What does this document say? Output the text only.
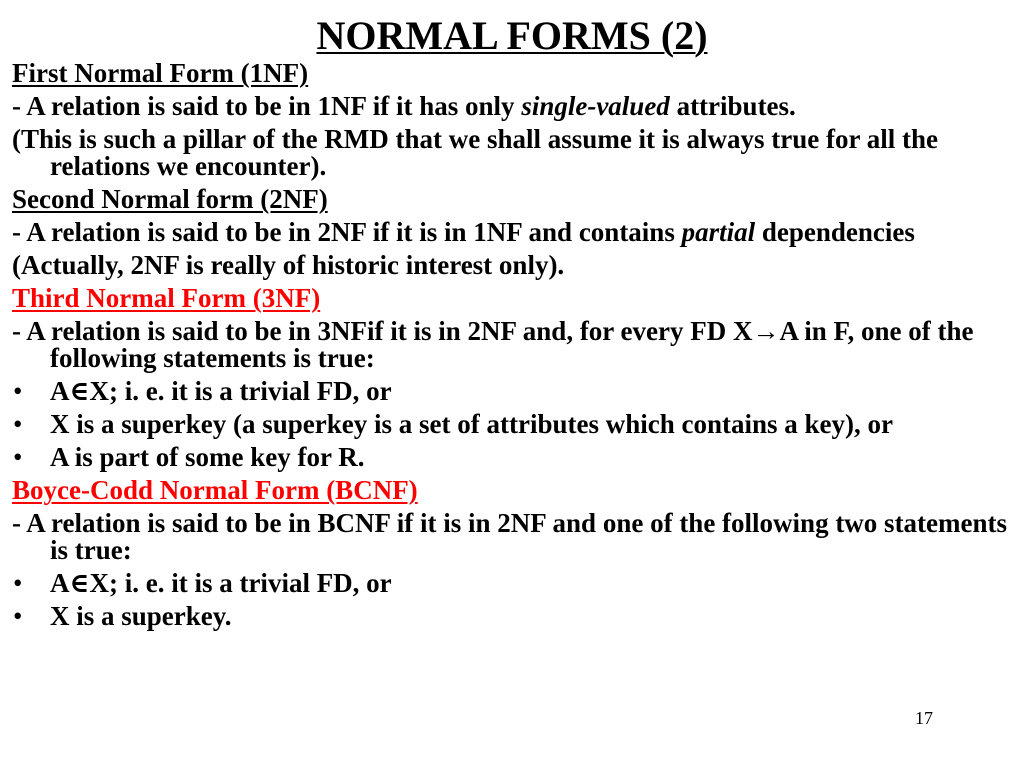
NORMAL FORMS (2)
First Normal Form (1NF)
- A relation is said to be in 1NF if it has only single-valued attributes.
(This is such a pillar of the RMD that we shall assume it is always true for all the relations we encounter).
Second Normal form (2NF)
- A relation is said to be in 2NF if it is in 1NF and contains partial dependencies
(Actually, 2NF is really of historic interest only).
Third Normal Form (3NF)
- A relation is said to be in 3NFif it is in 2NF and, for every FD X→A in F, one of the following statements is true:
• A∈X; i. e. it is a trivial FD, or
• X is a superkey (a superkey is a set of attributes which contains a key), or
• A is part of some key for R.
Boyce-Codd Normal Form (BCNF)
- A relation is said to be in BCNF if it is in 2NF and one of the following two statements is true:
• A∈X; i. e. it is a trivial FD, or
• X is a superkey.
17
